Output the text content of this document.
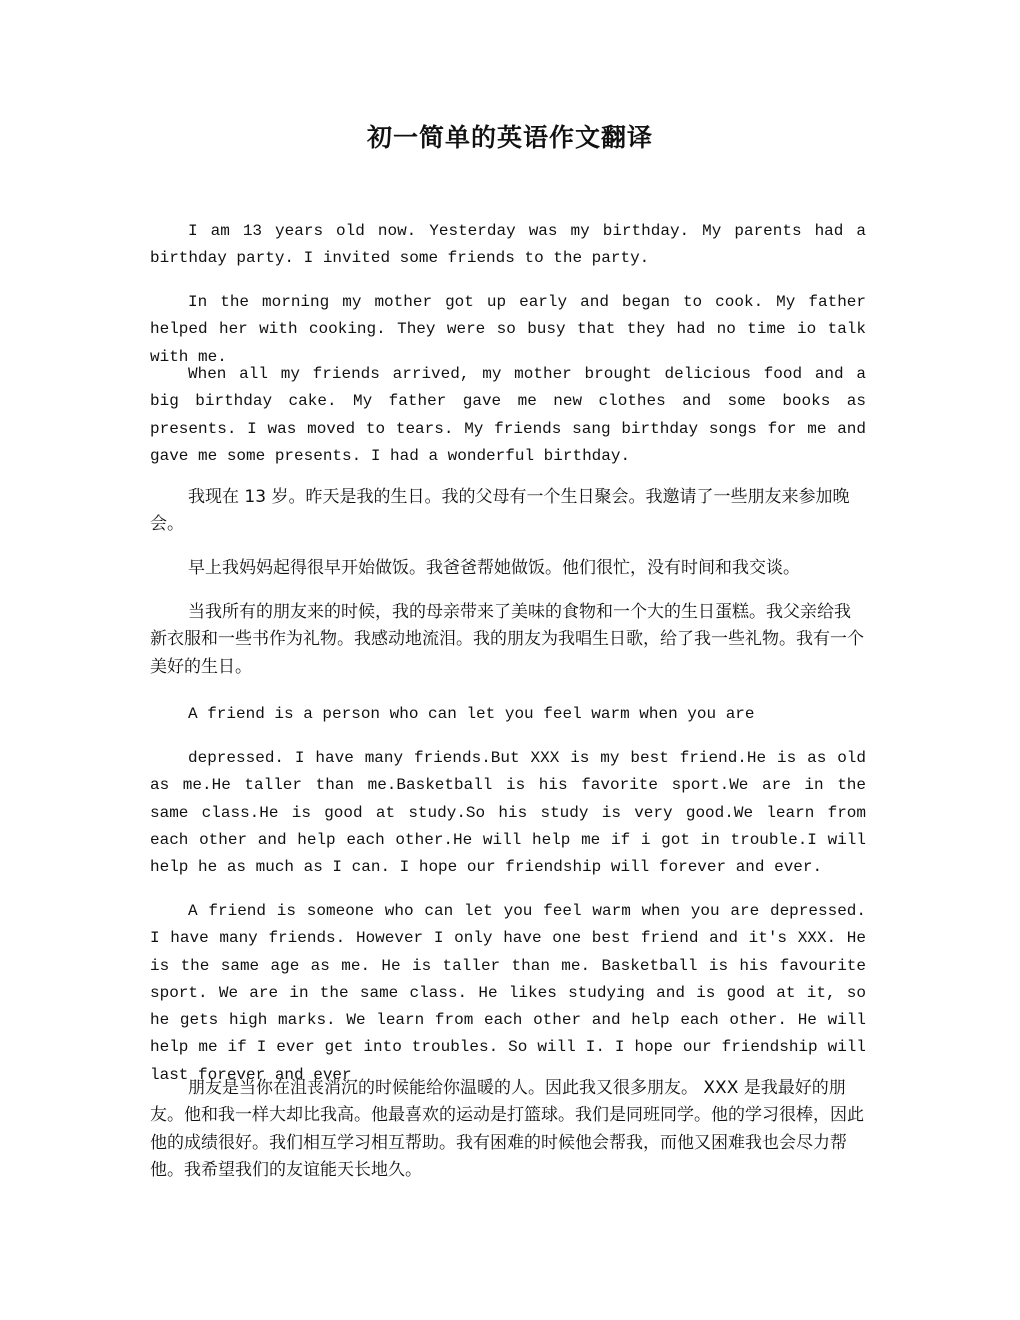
初一简单的英语作文翻译

I am 13 years old now. Yesterday was my birthday. My parents had a birthday party. I invited some friends to the party.

In the morning my mother got up early and began to cook. My father helped her with cooking. They were so busy that they had no time io talk with me.

When all my friends arrived, my mother brought delicious food and a big birthday cake. My father gave me new clothes and some books as presents. I was moved to tears. My friends sang birthday songs for me and gave me some presents. I had a wonderful birthday.

我现在 13 岁。昨天是我的生日。我的父母有一个生日聚会。我邀请了一些朋友来参加晚会。

早上我妈妈起得很早开始做饭。我爸爸帮她做饭。他们很忙，没有时间和我交谈。

当我所有的朋友来的时候，我的母亲带来了美味的食物和一个大的生日蛋糕。我父亲给我新衣服和一些书作为礼物。我感动地流泪。我的朋友为我唱生日歌，给了我一些礼物。我有一个美好的生日。

A friend is a person who can let you feel warm when you are

depressed. I have many friends.But XXX is my best friend.He is as old as me.He taller than me.Basketball is his favorite sport.We are in the same class.He is good at study.So his study is very good.We learn from each other and help each other.He will help me if i got in trouble.I will help he as much as I can. I hope our friendship will forever and ever.

A friend is someone who can let you feel warm when you are depressed. I have many friends. However I only have one best friend and it's XXX. He is the same age as me. He is taller than me. Basketball is his favourite sport. We are in the same class. He likes studying and is good at it, so he gets high marks. We learn from each other and help each other. He will help me if I ever get into troubles. So will I. I hope our friendship will last forever and ever

朋友是当你在沮丧消沉的时候能给你温暖的人。因此我又很多朋友。 XXX 是我最好的朋友。他和我一样大却比我高。他最喜欢的运动是打篮球。我们是同班同学。他的学习很棒，因此他的成绩很好。我们相互学习相互帮助。我有困难的时候他会帮我，而他又困难我也会尽力帮他。我希望我们的友谊能天长地久。
